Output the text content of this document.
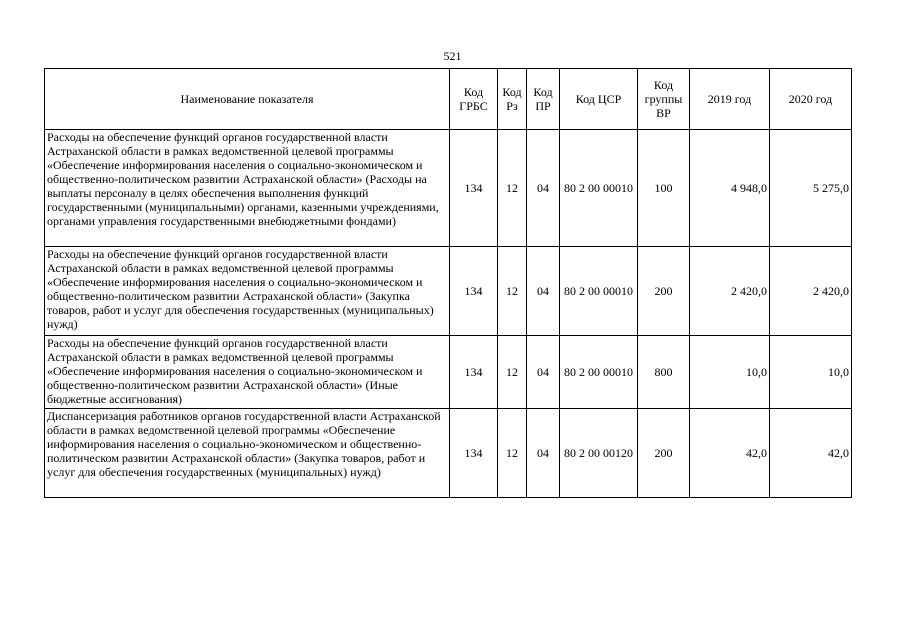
521
Наименование показателя	Код ГРБС	Код Рз	Код ПР	Код ЦСР	Код группы ВР	2019 год	2020 год
Расходы на обеспечение функций органов государственной власти Астраханской области в рамках ведомственной целевой программы «Обеспечение информирования населения о социально-экономическом и общественно-политическом развитии Астраханской области» (Расходы на выплаты персоналу в целях обеспечения выполнения функций государственными (муниципальными) органами, казенными учреждениями, органами управления государственными внебюджетными фондами)	134	12	04	80 2 00 00010	100	4 948,0	5 275,0
Расходы на обеспечение функций органов государственной власти Астраханской области в рамках ведомственной целевой программы «Обеспечение информирования населения о социально-экономическом и общественно-политическом развитии Астраханской области» (Закупка товаров, работ и услуг для обеспечения государственных (муниципальных) нужд)	134	12	04	80 2 00 00010	200	2 420,0	2 420,0
Расходы на обеспечение функций органов государственной власти Астраханской области в рамках ведомственной целевой программы «Обеспечение информирования населения о социально-экономическом и общественно-политическом развитии Астраханской области» (Иные бюджетные ассигнования)	134	12	04	80 2 00 00010	800	10,0	10,0
Диспансеризация работников органов государственной власти Астраханской области в рамках ведомственной целевой программы «Обеспечение информирования населения о социально-экономическом и общественно-политическом развитии Астраханской области» (Закупка товаров, работ и услуг для обеспечения государственных (муниципальных) нужд)	134	12	04	80 2 00 00120	200	42,0	42,0
